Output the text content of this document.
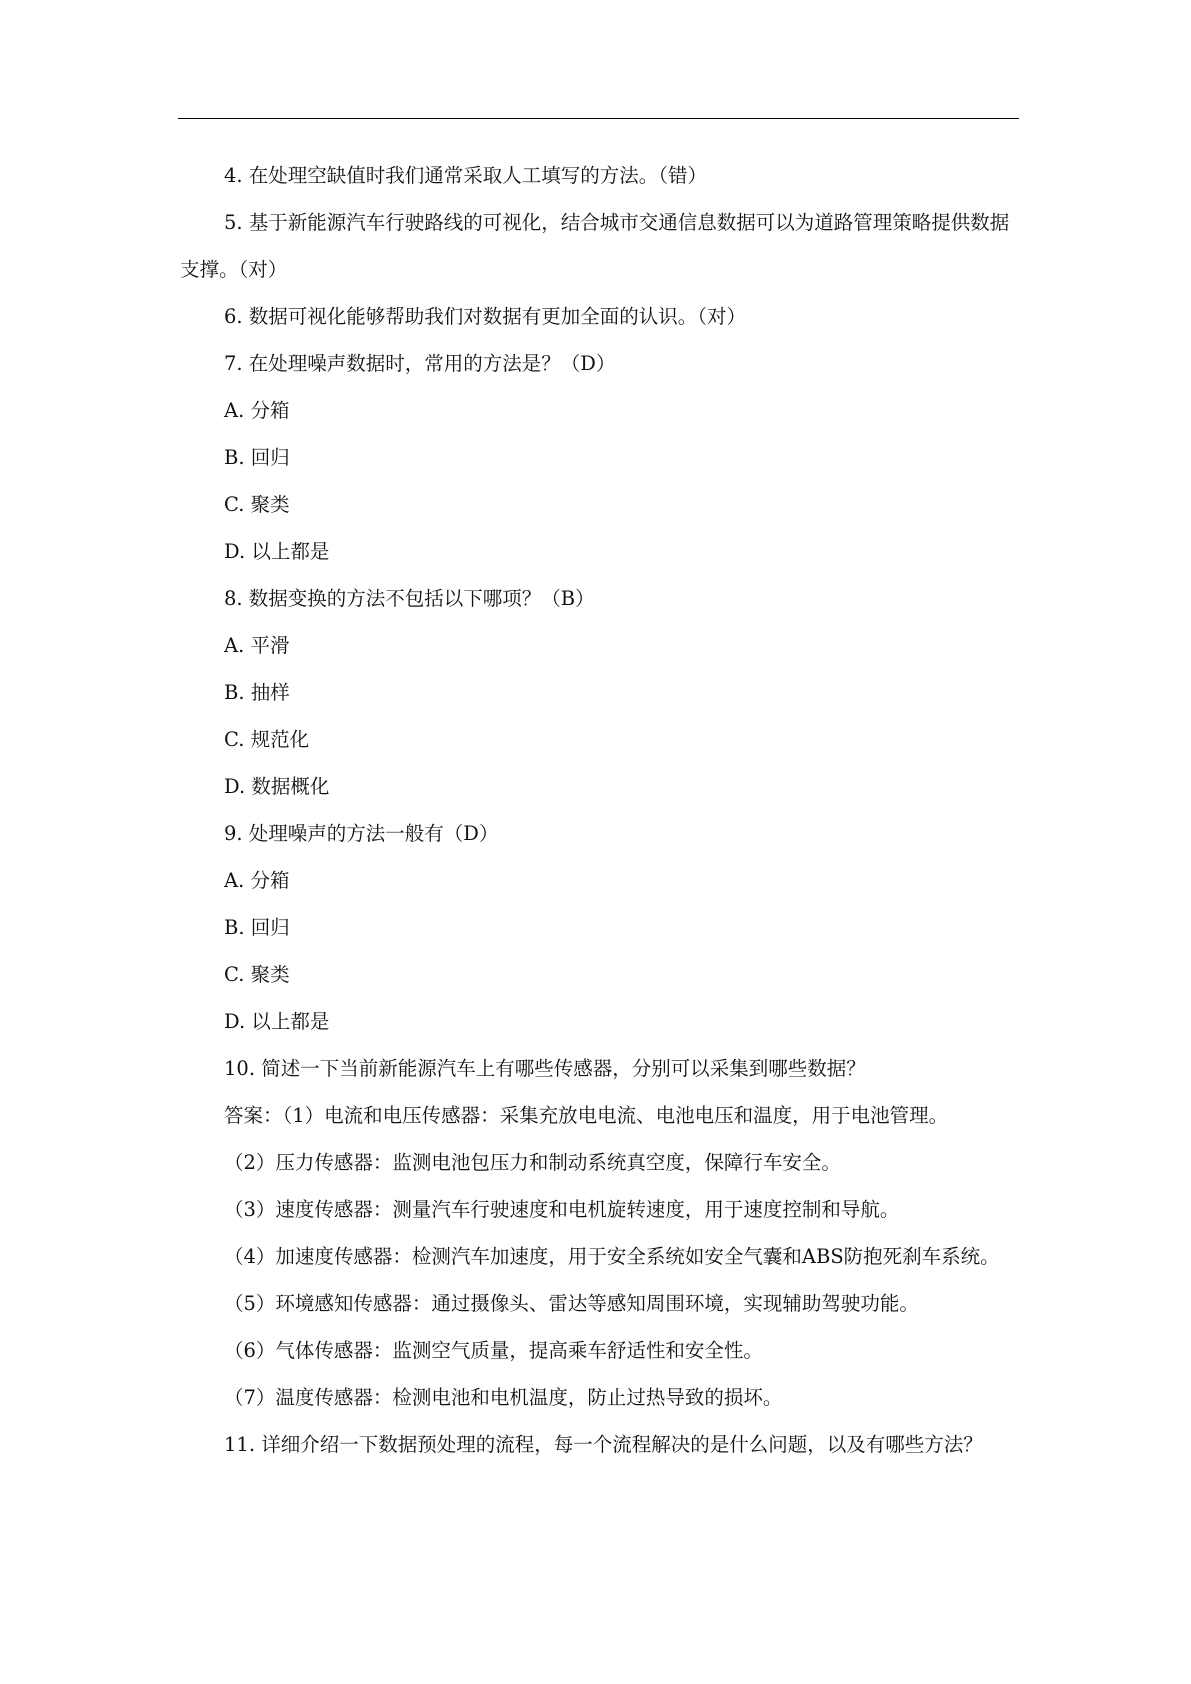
4. 在处理空缺值时我们通常采取人工填写的方法。（错）

5. 基于新能源汽车行驶路线的可视化，结合城市交通信息数据可以为道路管理策略提供数据支撑。（对）

6. 数据可视化能够帮助我们对数据有更加全面的认识。（对）

7. 在处理噪声数据时，常用的方法是？（D）

A. 分箱

B. 回归

C. 聚类

D. 以上都是

8. 数据变换的方法不包括以下哪项？（B）

A. 平滑

B. 抽样

C. 规范化

D. 数据概化

9. 处理噪声的方法一般有（D）

A. 分箱

B. 回归

C. 聚类

D. 以上都是

10. 简述一下当前新能源汽车上有哪些传感器，分别可以采集到哪些数据？

答案：（1）电流和电压传感器：采集充放电电流、电池电压和温度，用于电池管理。

（2）压力传感器：监测电池包压力和制动系统真空度，保障行车安全。

（3）速度传感器：测量汽车行驶速度和电机旋转速度，用于速度控制和导航。

（4）加速度传感器：检测汽车加速度，用于安全系统如安全气囊和ABS防抱死刹车系统。

（5）环境感知传感器：通过摄像头、雷达等感知周围环境，实现辅助驾驶功能。

（6）气体传感器：监测空气质量，提高乘车舒适性和安全性。

（7）温度传感器：检测电池和电机温度，防止过热导致的损坏。

11. 详细介绍一下数据预处理的流程，每一个流程解决的是什么问题，以及有哪些方法？
